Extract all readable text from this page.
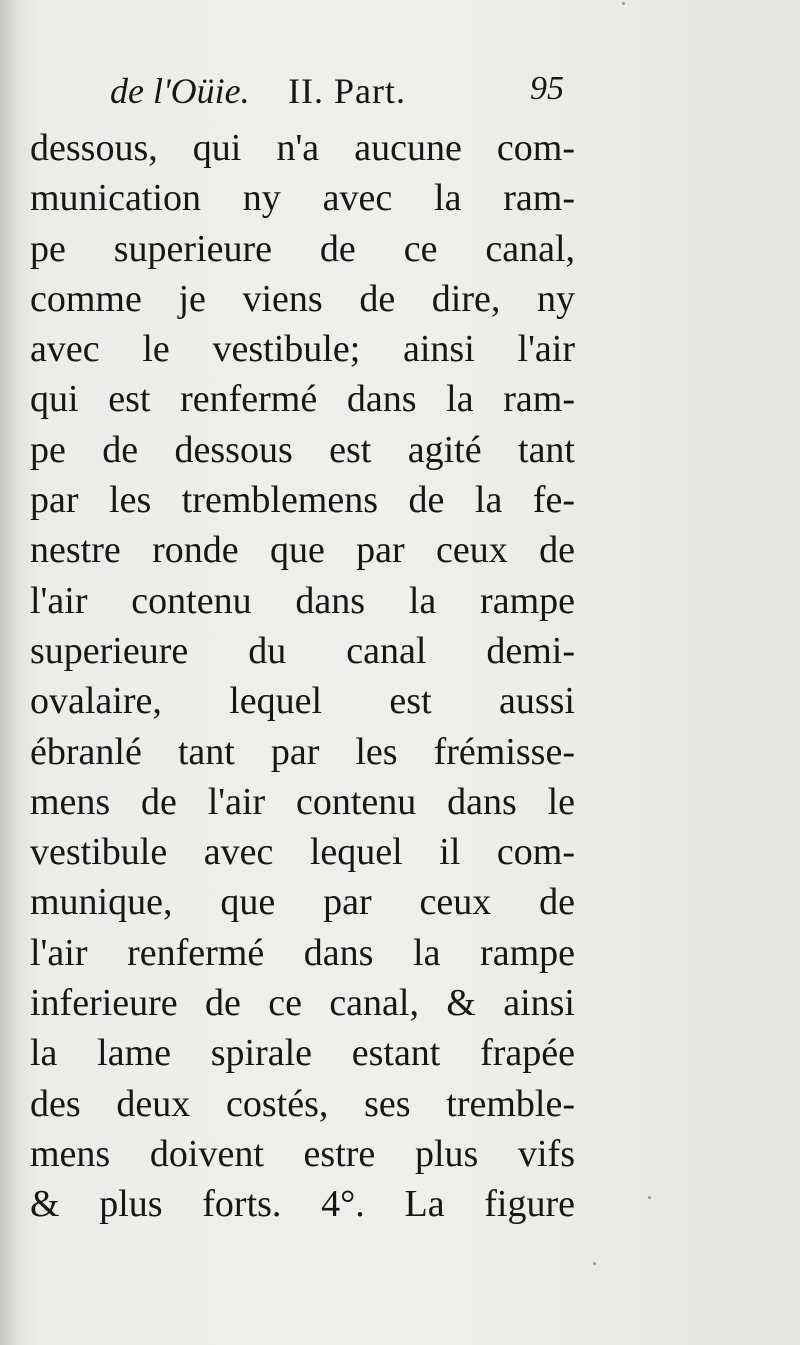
de l'Oüie. II. Part.	95
dessous, qui n'a aucune com-
munication ny avec la ram-
pe superieure de ce canal,
comme je viens de dire, ny
avec le vestibule; ainsi l'air
qui est renfermé dans la ram-
pe de dessous est agité tant
par les tremblemens de la fe-
nestre ronde que par ceux de
l'air contenu dans la rampe
superieure du canal demi-
ovalaire, lequel est aussi
ébranlé tant par les frémisse-
mens de l'air contenu dans le
vestibule avec lequel il com-
munique, que par ceux de
l'air renfermé dans la rampe
inferieure de ce canal, & ainsi
la lame spirale estant frapée
des deux costés, ses tremble-
mens doivent estre plus vifs
& plus forts. 4°. La figure
